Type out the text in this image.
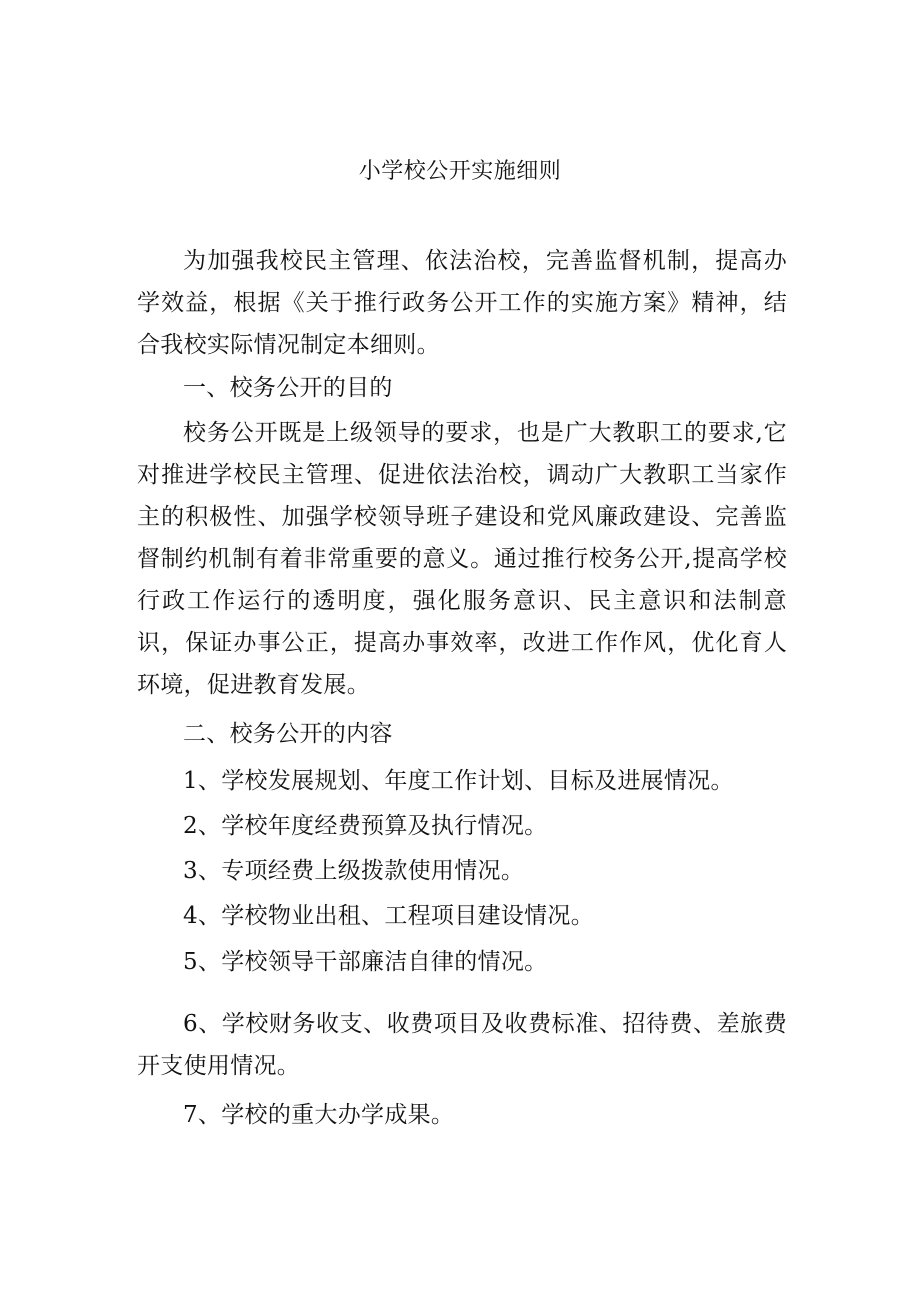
小学校公开实施细则

为加强我校民主管理、依法治校，完善监督机制，提高办学效益，根据《关于推行政务公开工作的实施方案》精神，结合我校实际情况制定本细则。

一、校务公开的目的

校务公开既是上级领导的要求，也是广大教职工的要求,它对推进学校民主管理、促进依法治校，调动广大教职工当家作主的积极性、加强学校领导班子建设和党风廉政建设、完善监督制约机制有着非常重要的意义。通过推行校务公开,提高学校行政工作运行的透明度，强化服务意识、民主意识和法制意识，保证办事公正，提高办事效率，改进工作作风，优化育人环境，促进教育发展。

二、校务公开的内容

1、学校发展规划、年度工作计划、目标及进展情况。

2、学校年度经费预算及执行情况。

3、专项经费上级拨款使用情况。

4、学校物业出租、工程项目建设情况。

5、学校领导干部廉洁自律的情况。

6、学校财务收支、收费项目及收费标准、招待费、差旅费开支使用情况。

7、学校的重大办学成果。
